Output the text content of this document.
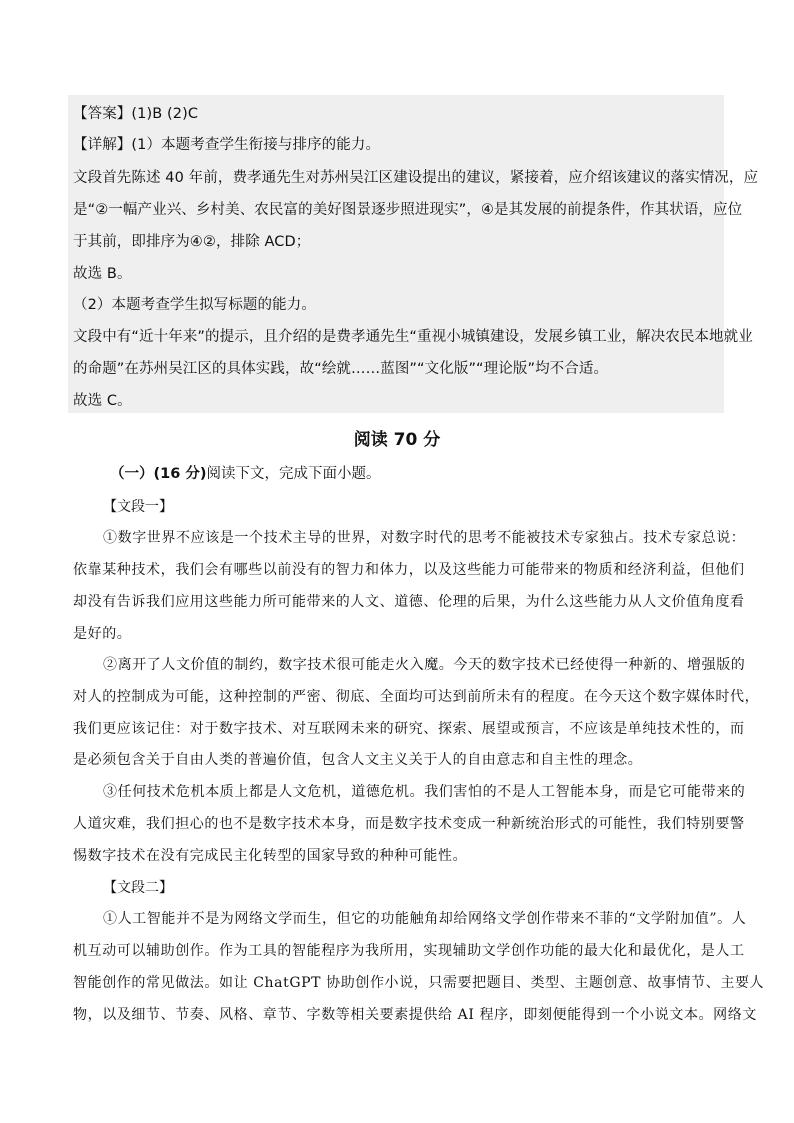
【答案】(1)B (2)C
【详解】(1）本题考查学生衔接与排序的能力。
文段首先陈述 40 年前，费孝通先生对苏州吴江区建设提出的建议，紧接着，应介绍该建议的落实情况，应
是“②一幅产业兴、乡村美、农民富的美好图景逐步照进现实”，④是其发展的前提条件，作其状语，应位
于其前，即排序为④②，排除 ACD；
故选 B。
（2）本题考查学生拟写标题的能力。
文段中有“近十年来”的提示，且介绍的是费孝通先生“重视小城镇建设，发展乡镇工业，解决农民本地就业
的命题”在苏州吴江区的具体实践，故“绘就……蓝图”“文化版”“理论版”均不合适。
故选 C。
阅读 70 分
（一）(16 分)阅读下文，完成下面小题。
【文段一】
①数字世界不应该是一个技术主导的世界，对数字时代的思考不能被技术专家独占。技术专家总说：
依靠某种技术，我们会有哪些以前没有的智力和体力，以及这些能力可能带来的物质和经济利益，但他们
却没有告诉我们应用这些能力所可能带来的人文、道德、伦理的后果，为什么这些能力从人文价值角度看
是好的。
②离开了人文价值的制约，数字技术很可能走火入魔。今天的数字技术已经使得一种新的、增强版的
对人的控制成为可能，这种控制的严密、彻底、全面均可达到前所未有的程度。在今天这个数字媒体时代，
我们更应该记住：对于数字技术、对互联网未来的研究、探索、展望或预言，不应该是单纯技术性的，而
是必须包含关于自由人类的普遍价值，包含人文主义关于人的自由意志和自主性的理念。
③任何技术危机本质上都是人文危机，道德危机。我们害怕的不是人工智能本身，而是它可能带来的
人道灾难，我们担心的也不是数字技术本身，而是数字技术变成一种新统治形式的可能性，我们特别要警
惕数字技术在没有完成民主化转型的国家导致的种种可能性。
【文段二】
①人工智能并不是为网络文学而生，但它的功能触角却给网络文学创作带来不菲的“文学附加值”。人
机互动可以辅助创作。作为工具的智能程序为我所用，实现辅助文学创作功能的最大化和最优化，是人工
智能创作的常见做法。如让 ChatGPT 协助创作小说，只需要把题目、类型、主题创意、故事情节、主要人
物，以及细节、节奏、风格、章节、字数等相关要素提供给 AI 程序，即刻便能得到一个小说文本。网络文
